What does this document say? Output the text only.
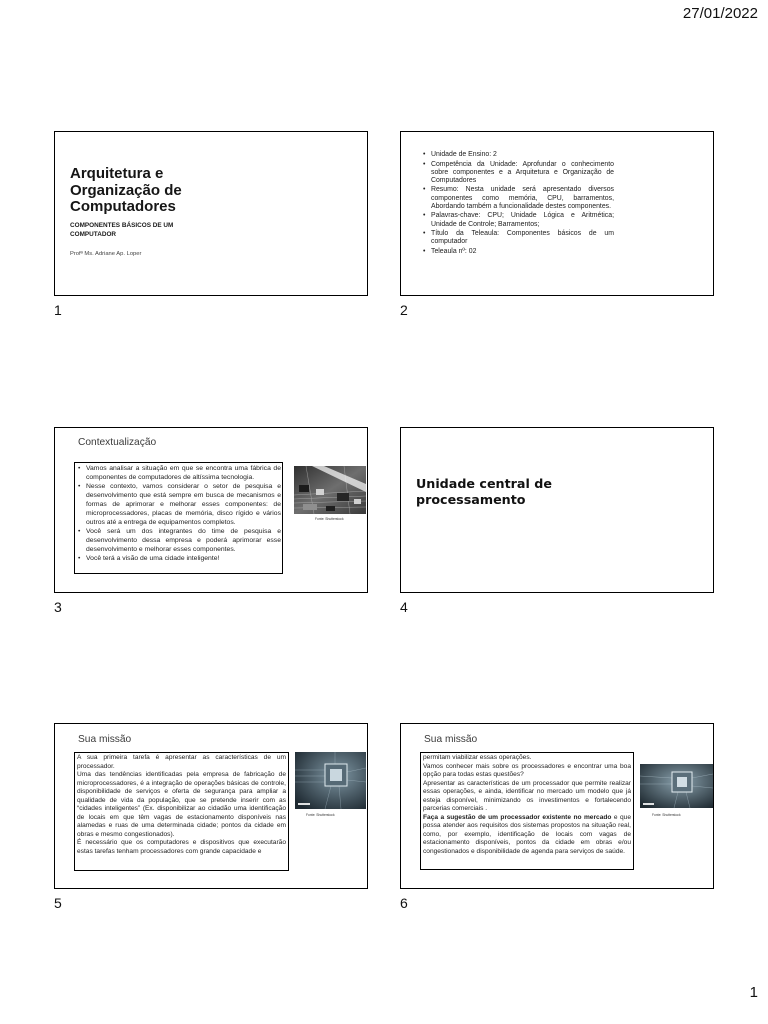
27/01/2022
Arquitetura e Organização de Computadores
COMPONENTES BÁSICOS DE UM COMPUTADOR
Profª Ms. Adriane Ap. Loper
1
• Unidade de Ensino: 2
• Competência da Unidade: Aprofundar o conhecimento sobre componentes e a Arquitetura e Organização de Computadores
• Resumo: Nesta unidade será apresentado diversos componentes como memória, CPU, barramentos, Abordando também a funcionalidade destes componentes.
• Palavras-chave: CPU; Unidade Lógica e Aritmética; Unidade de Controle; Barramentos;
• Título da Teleaula: Componentes básicos de um computador
• Teleaula nº: 02
2
Contextualização
• Vamos analisar a situação em que se encontra uma fábrica de componentes de computadores de altíssima tecnologia.
• Nesse contexto, vamos considerar o setor de pesquisa e desenvolvimento que está sempre em busca de mecanismos e formas de aprimorar e melhorar esses componentes: de microprocessadores, placas de memória, disco rígido e vários outros até a entrega de equipamentos completos.
• Você será um dos integrantes do time de pesquisa e desenvolvimento dessa empresa e poderá aprimorar esse desenvolvimento e melhorar esses componentes.
• Você terá a visão de uma cidade inteligente!
Fonte: Shutterstock
3
Unidade central de processamento
4
Sua missão

A sua primeira tarefa é apresentar as características de um processador.

Uma das tendências identificadas pela empresa de fabricação de microprocessadores, é a integração de operações básicas de controle, disponibilidade de serviços e oferta de segurança para ampliar a qualidade de vida da população, que se pretende inserir com as “cidades inteligentes” (Ex. disponibilizar ao cidadão uma identificação de locais em que têm vagas de estacionamento disponíveis nas alamedas e ruas de uma determinada cidade; pontos da cidade em obras e mesmo congestionados).

É necessário que os computadores e dispositivos que executarão estas tarefas tenham processadores com grande capacidade e

Fonte: Shutterstock
5
Sua missão

permitam viabilizar essas operações.

Vamos conhecer mais sobre os processadores e encontrar uma boa opção para todas estas questões?

Apresentar as características de um processador que permite realizar essas operações, e ainda, identificar no mercado um modelo que já esteja disponível, minimizando os investimentos e fortalecendo parcerias comerciais .

Faça a sugestão de um processador existente no mercado e que possa atender aos requisitos dos sistemas propostos na situação real, como, por exemplo, identificação de locais com vagas de estacionamento disponíveis, pontos da cidade em obras e/ou congestionados e disponibilidade de agenda para serviços de saúde.

Fonte: Shutterstock
6
1
